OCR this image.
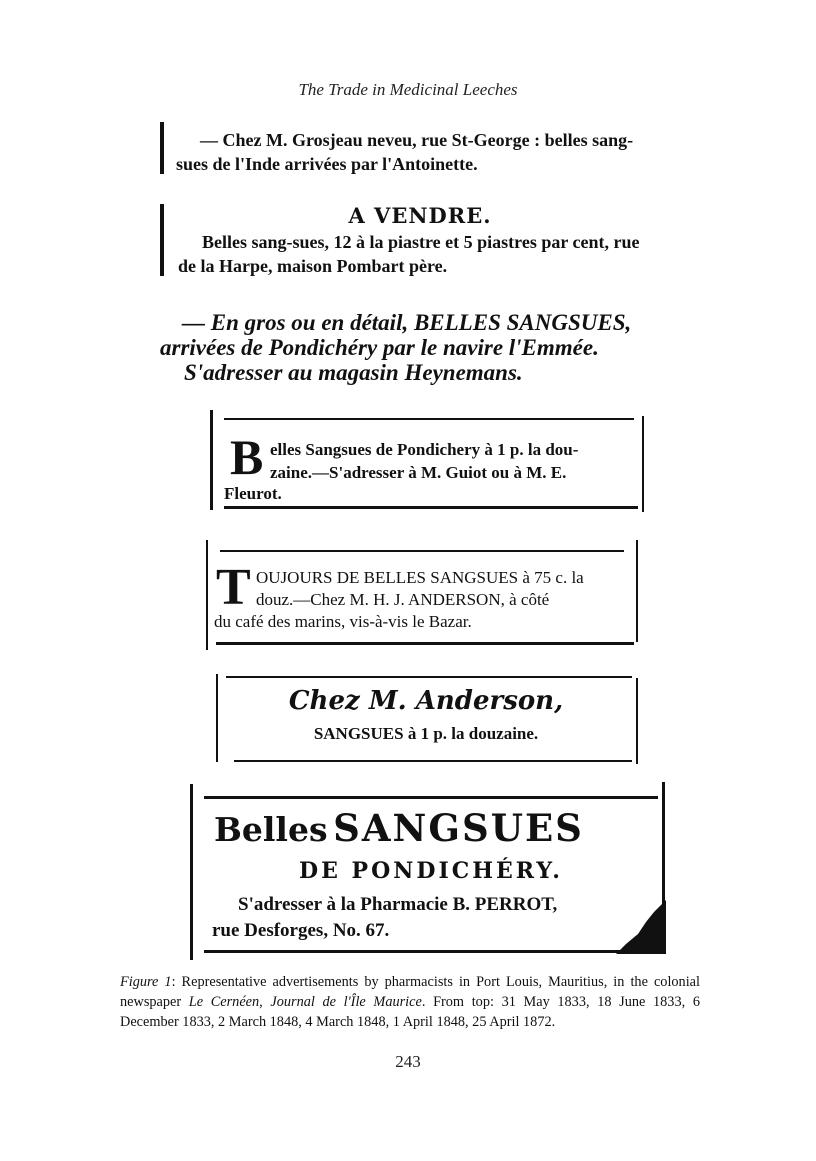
The Trade in Medicinal Leeches
— Chez M. Grosjeau neveu, rue St-George : belles sang-
sues de l'Inde arrivées par l'Antoinette.
A VENDRE.
Belles sang-sues, 12 à la piastre et 5 piastres par cent, rue
de la Harpe, maison Pombart père.
— En gros ou en détail, BELLES SANGSUES,
arrivées de Pondichéry par le navire l'Emmée.
S'adresser au magasin Heynemans.
B elles Sangsues de Pondichery à 1 p. la dou-
zaine.—S'adresser à M. Guiot ou à M. E.
Fleurot.
T OUJOURS DE BELLES SANGSUES à 75 c. la
douz.—Chez M. H. J. ANDERSON, à côté
du café des marins, vis-à-vis le Bazar.
Chez M. Anderson,
SANGSUES à 1 p. la douzaine.
Belles SANGSUES
DE PONDICHÉRY.
S'adresser à la Pharmacie B. PERROT,
rue Desforges, No. 67.
Figure 1: Representative advertisements by pharmacists in Port Louis, Mauritius, in the colonial newspaper Le Cernéen, Journal de l'Île Maurice. From top: 31 May 1833, 18 June 1833, 6 December 1833, 2 March 1848, 4 March 1848, 1 April 1848, 25 April 1872.
243
